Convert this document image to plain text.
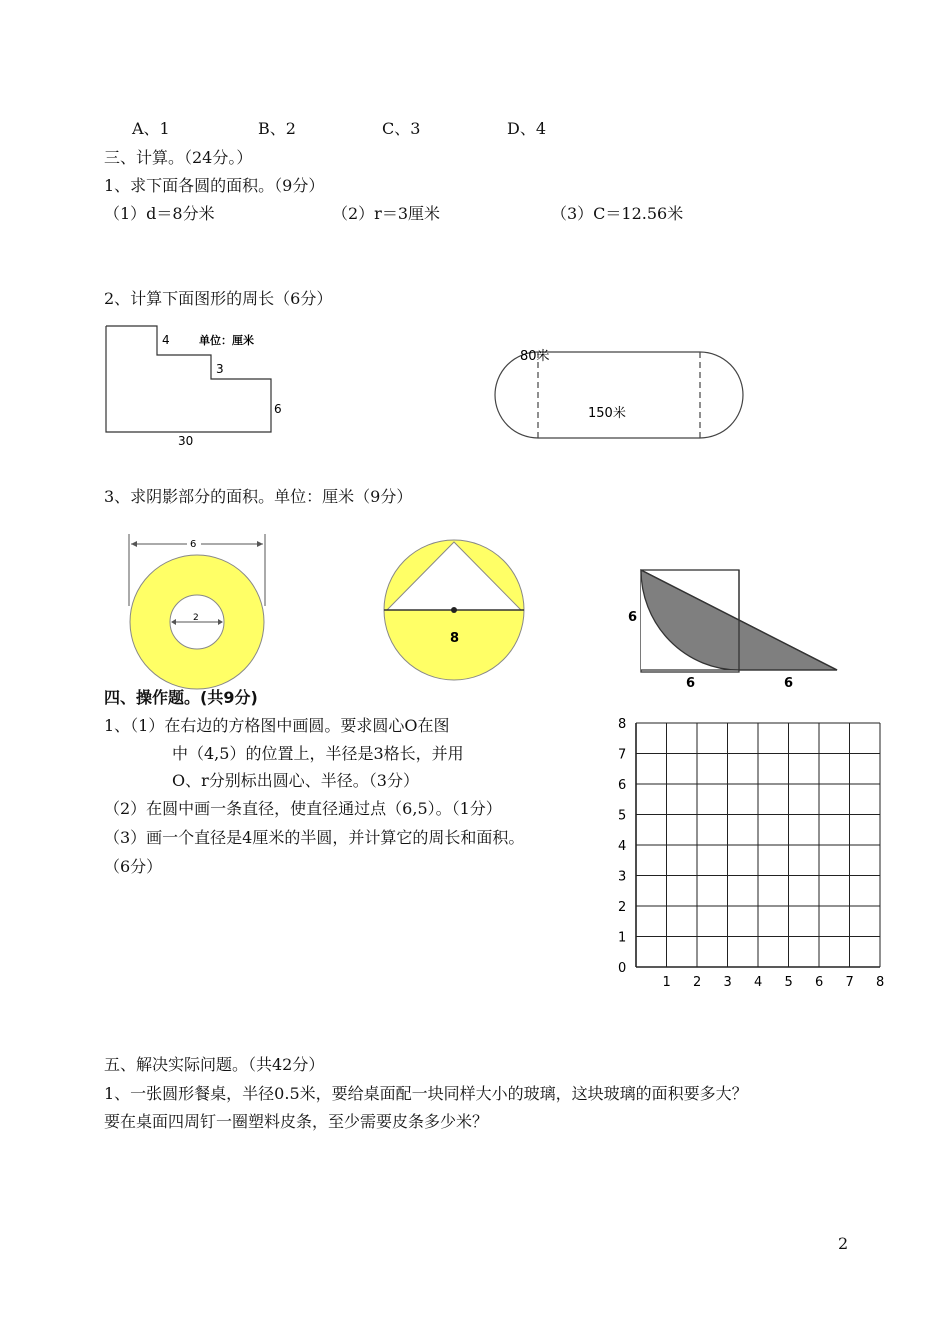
A、1	B、2	C、3	D、4
三、计算。（24分。）
1、求下面各圆的面积。（9分）
（1）d＝8分米	（2）r＝3厘米	（3）C＝12.56米
2、计算下面图形的周长（6分）
4	单位：厘米
3
6
30
80米
150米
3、求阴影部分的面积。单位：厘米（9分）
6
2
8
6
6	6
四、操作题。(共9分)
1、（1）在右边的方格图中画圆。要求圆心O在图
中（4,5）的位置上，半径是3格长，并用
O、r分别标出圆心、半径。（3分）
（2）在圆中画一条直径，使直径通过点（6,5）。（1分）
（3）画一个直径是4厘米的半圆，并计算它的周长和面积。
（6分）
1 2 3 4 5 6 7 8
0
1
2
3
4
5
6
7
8
五、解决实际问题。（共42分）
1、一张圆形餐桌，半径0.5米，要给桌面配一块同样大小的玻璃，这块玻璃的面积要多大？
要在桌面四周钉一圈塑料皮条，至少需要皮条多少米？
2
